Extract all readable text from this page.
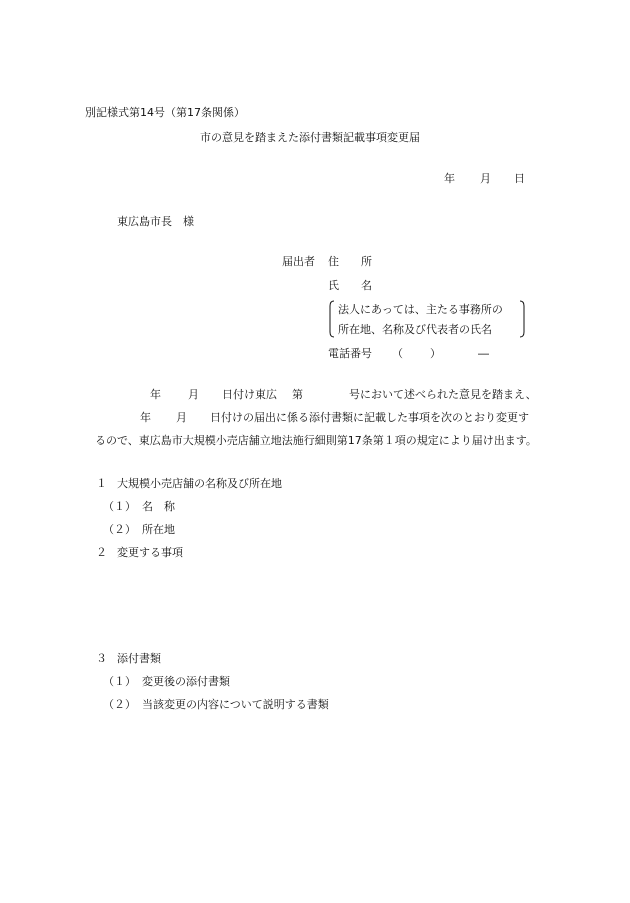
別記様式第14号（第17条関係）
市の意見を踏まえた添付書類記載事項変更届
年 月 日
東広島市長　様
届出者 住　　所
氏　　名
法人にあっては、主たる事務所の
所在地、名称及び代表者の氏名
電話番号 （ ）	―
年 月 日付け東広 第	号において述べられた意見を踏まえ、
年 月 日付けの届出に係る添付書類に記載した事項を次のとおり変更す
るので、東広島市大規模小売店舗立地法施行細則第17条第１項の規定により届け出ます。
１ 大規模小売店舗の名称及び所在地
（１） 名　称
（２） 所在地
２ 変更する事項
３ 添付書類
（１） 変更後の添付書類
（２） 当該変更の内容について説明する書類
